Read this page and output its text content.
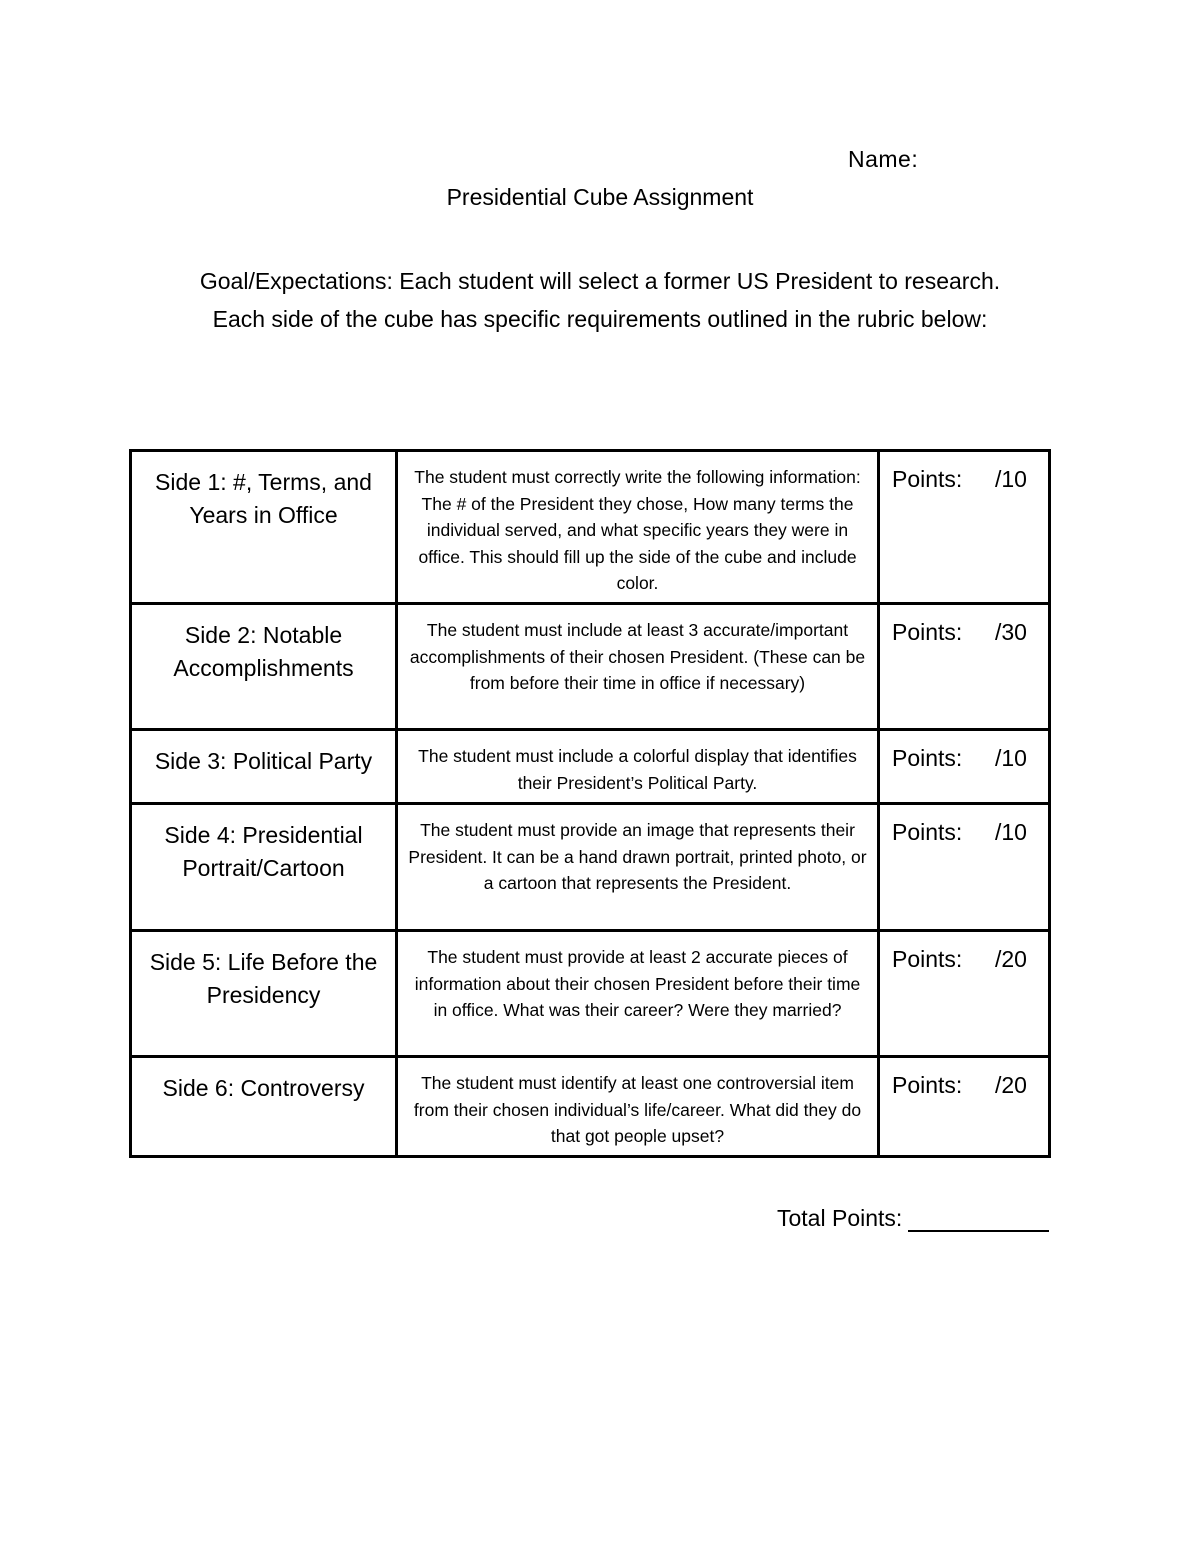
Name:
Presidential Cube Assignment
Goal/Expectations: Each student will select a former US President to research.
Each side of the cube has specific requirements outlined in the rubric below:
Side 1: #, Terms, and Years in Office	The student must correctly write the following information: The # of the President they chose, How many terms the individual served, and what specific years they were in office. This should fill up the side of the cube and include color.	Points: /10
Side 2: Notable Accomplishments	The student must include at least 3 accurate/important accomplishments of their chosen President. (These can be from before their time in office if necessary)	Points: /30
Side 3: Political Party	The student must include a colorful display that identifies their President’s Political Party.	Points: /10
Side 4: Presidential Portrait/Cartoon	The student must provide an image that represents their President. It can be a hand drawn portrait, printed photo, or a cartoon that represents the President.	Points: /10
Side 5: Life Before the Presidency	The student must provide at least 2 accurate pieces of information about their chosen President before their time in office. What was their career? Were they married?	Points: /20
Side 6: Controversy	The student must identify at least one controversial item from their chosen individual’s life/career. What did they do that got people upset?	Points: /20
Total Points:
